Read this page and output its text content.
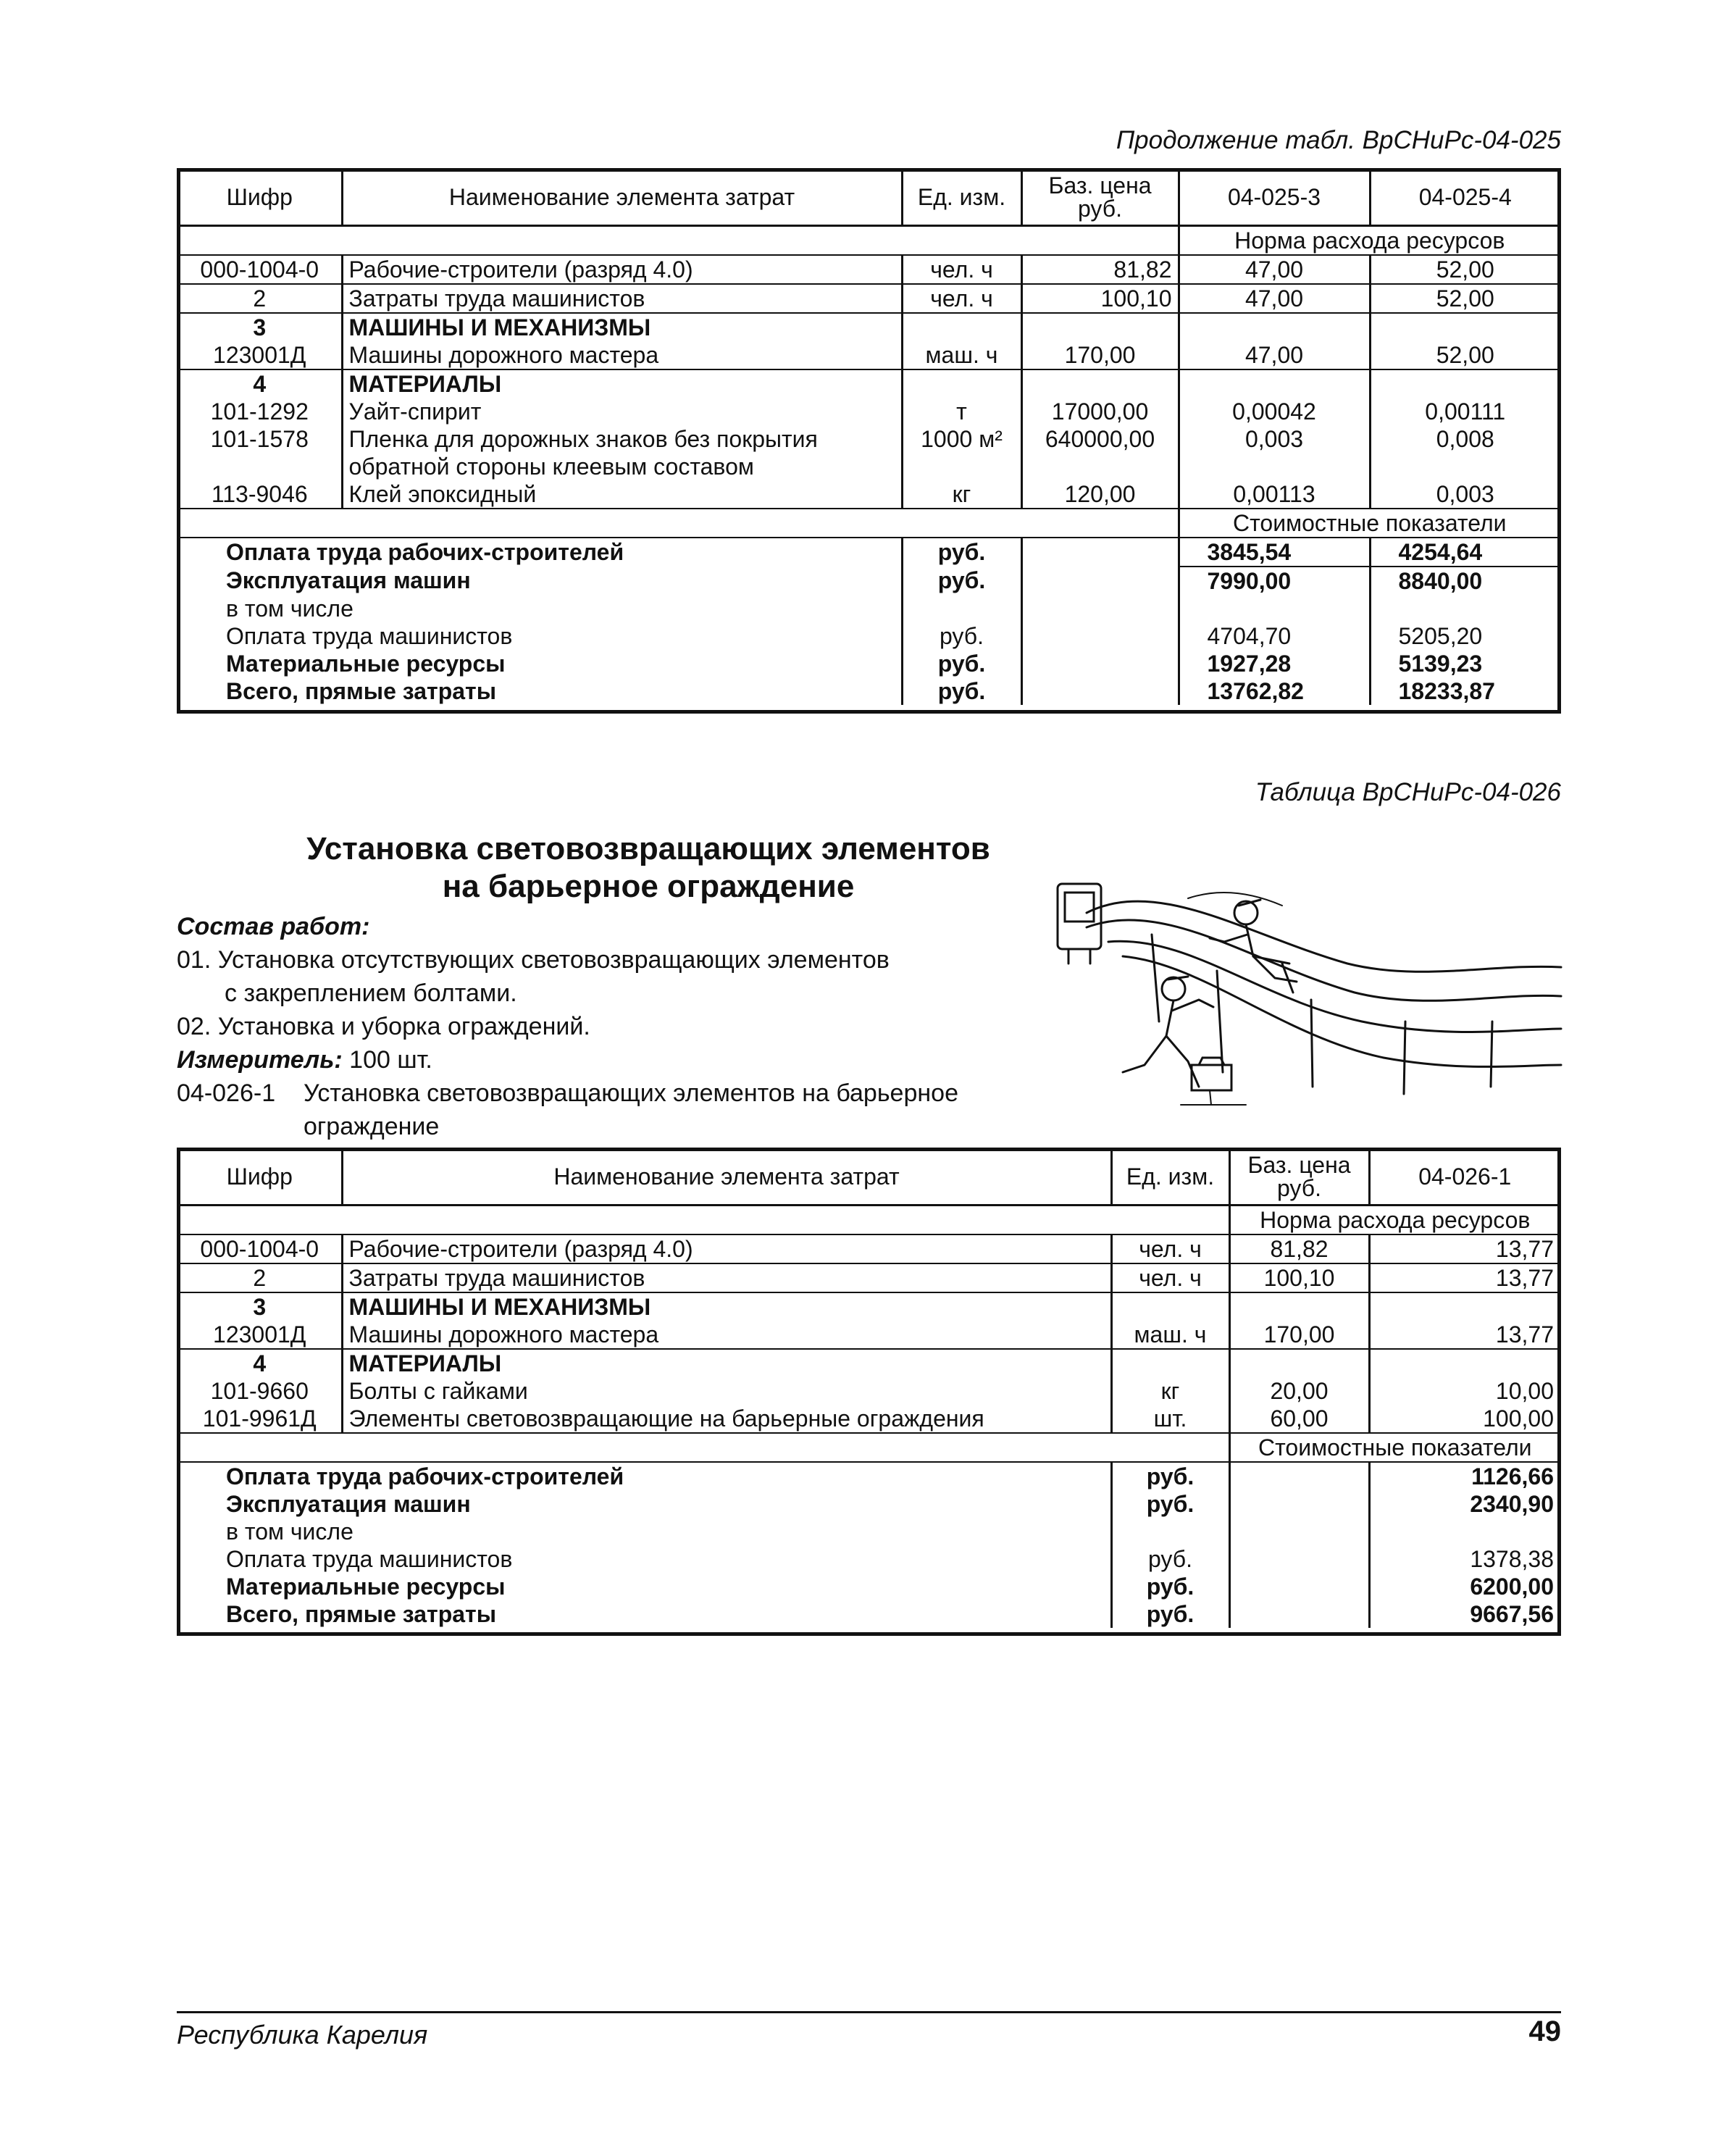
Продолжение табл. ВрСНиРс-04-025
Шифр	Наименование элемента затрат	Ед. изм.	Баз. цена руб.	04-025-3	04-025-4
				Норма расхода ресурсов	
000-1004-0	Рабочие-строители (разряд 4.0)	чел. ч	81,82	47,00	52,00
2	Затраты труда машинистов	чел. ч	100,10	47,00	52,00
3	МАШИНЫ И МЕХАНИЗМЫ				
123001Д	Машины дорожного мастера	маш. ч	170,00	47,00	52,00
4	МАТЕРИАЛЫ				
101-1292	Уайт-спирит	т	17000,00	0,00042	0,00111
101-1578	Пленка для дорожных знаков без покрытия	1000 м²	640000,00	0,003	0,008
	обратной стороны клеевым составом				
113-9046	Клей эпоксидный	кг	120,00	0,00113	0,003
				Стоимостные показатели	
Оплата труда рабочих-строителей		руб.		3845,54	4254,64
Эксплуатация машин		руб.		7990,00	8840,00
в том числе					
Оплата труда машинистов		руб.		4704,70	5205,20
Материальные ресурсы		руб.		1927,28	5139,23
Всего, прямые затраты		руб.		13762,82	18233,87
Таблица ВрСНиРс-04-026
Установка световозвращающих элементов
на барьерное ограждение
Состав работ:
01. Установка отсутствующих световозвращающих элементов
с закреплением болтами.
02. Установка и уборка ограждений.
Измеритель: 100 шт.
04-026-1	Установка световозвращающих элементов на барьерное
ограждение
Шифр	Наименование элемента затрат	Ед. изм.	Баз. цена руб.	04-026-1
			Норма расхода ресурсов	
000-1004-0	Рабочие-строители (разряд 4.0)	чел. ч	81,82	13,77
2	Затраты труда машинистов	чел. ч	100,10	13,77
3	МАШИНЫ И МЕХАНИЗМЫ			
123001Д	Машины дорожного мастера	маш. ч	170,00	13,77
4	МАТЕРИАЛЫ			
101-9660	Болты с гайками	кг	20,00	10,00
101-9961Д	Элементы световозвращающие на барьерные ограждения	шт.	60,00	100,00
			Стоимостные показатели	
Оплата труда рабочих-строителей		руб.		1126,66
Эксплуатация машин		руб.		2340,90
в том числе				
Оплата труда машинистов		руб.		1378,38
Материальные ресурсы		руб.		6200,00
Всего, прямые затраты		руб.		9667,56
Республика Карелия	49
